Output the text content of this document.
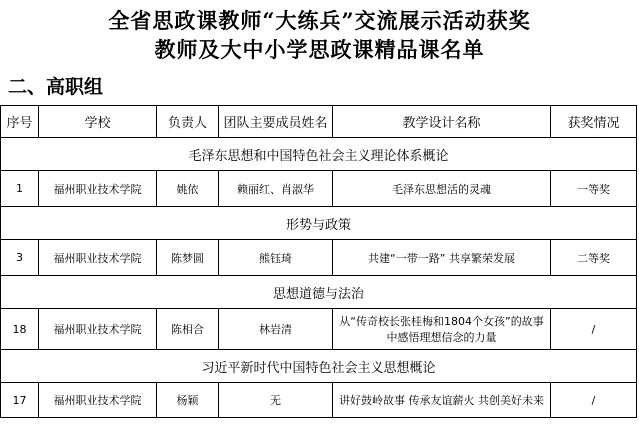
全省思政课教师“大练兵”交流展示活动获奖
教师及大中小学思政课精品课名单
二、高职组
序号	学校	负责人	团队主要成员姓名	教学设计名称	获奖情况
毛泽东思想和中国特色社会主义理论体系概论					
1	福州职业技术学院	姚依	赖丽红、肖淑华	毛泽东思想活的灵魂	一等奖
形势与政策					
3	福州职业技术学院	陈梦圆	熊钰琦	共建“一带一路” 共享繁荣发展	二等奖
思想道德与法治					
18	福州职业技术学院	陈相合	林岩清	从“传奇校长张桂梅和1804个女孩”的故事中感悟理想信念的力量	/
习近平新时代中国特色社会主义思想概论					
17	福州职业技术学院	杨颖	无	讲好鼓岭故事 传承友谊薪火 共创美好未来	/
